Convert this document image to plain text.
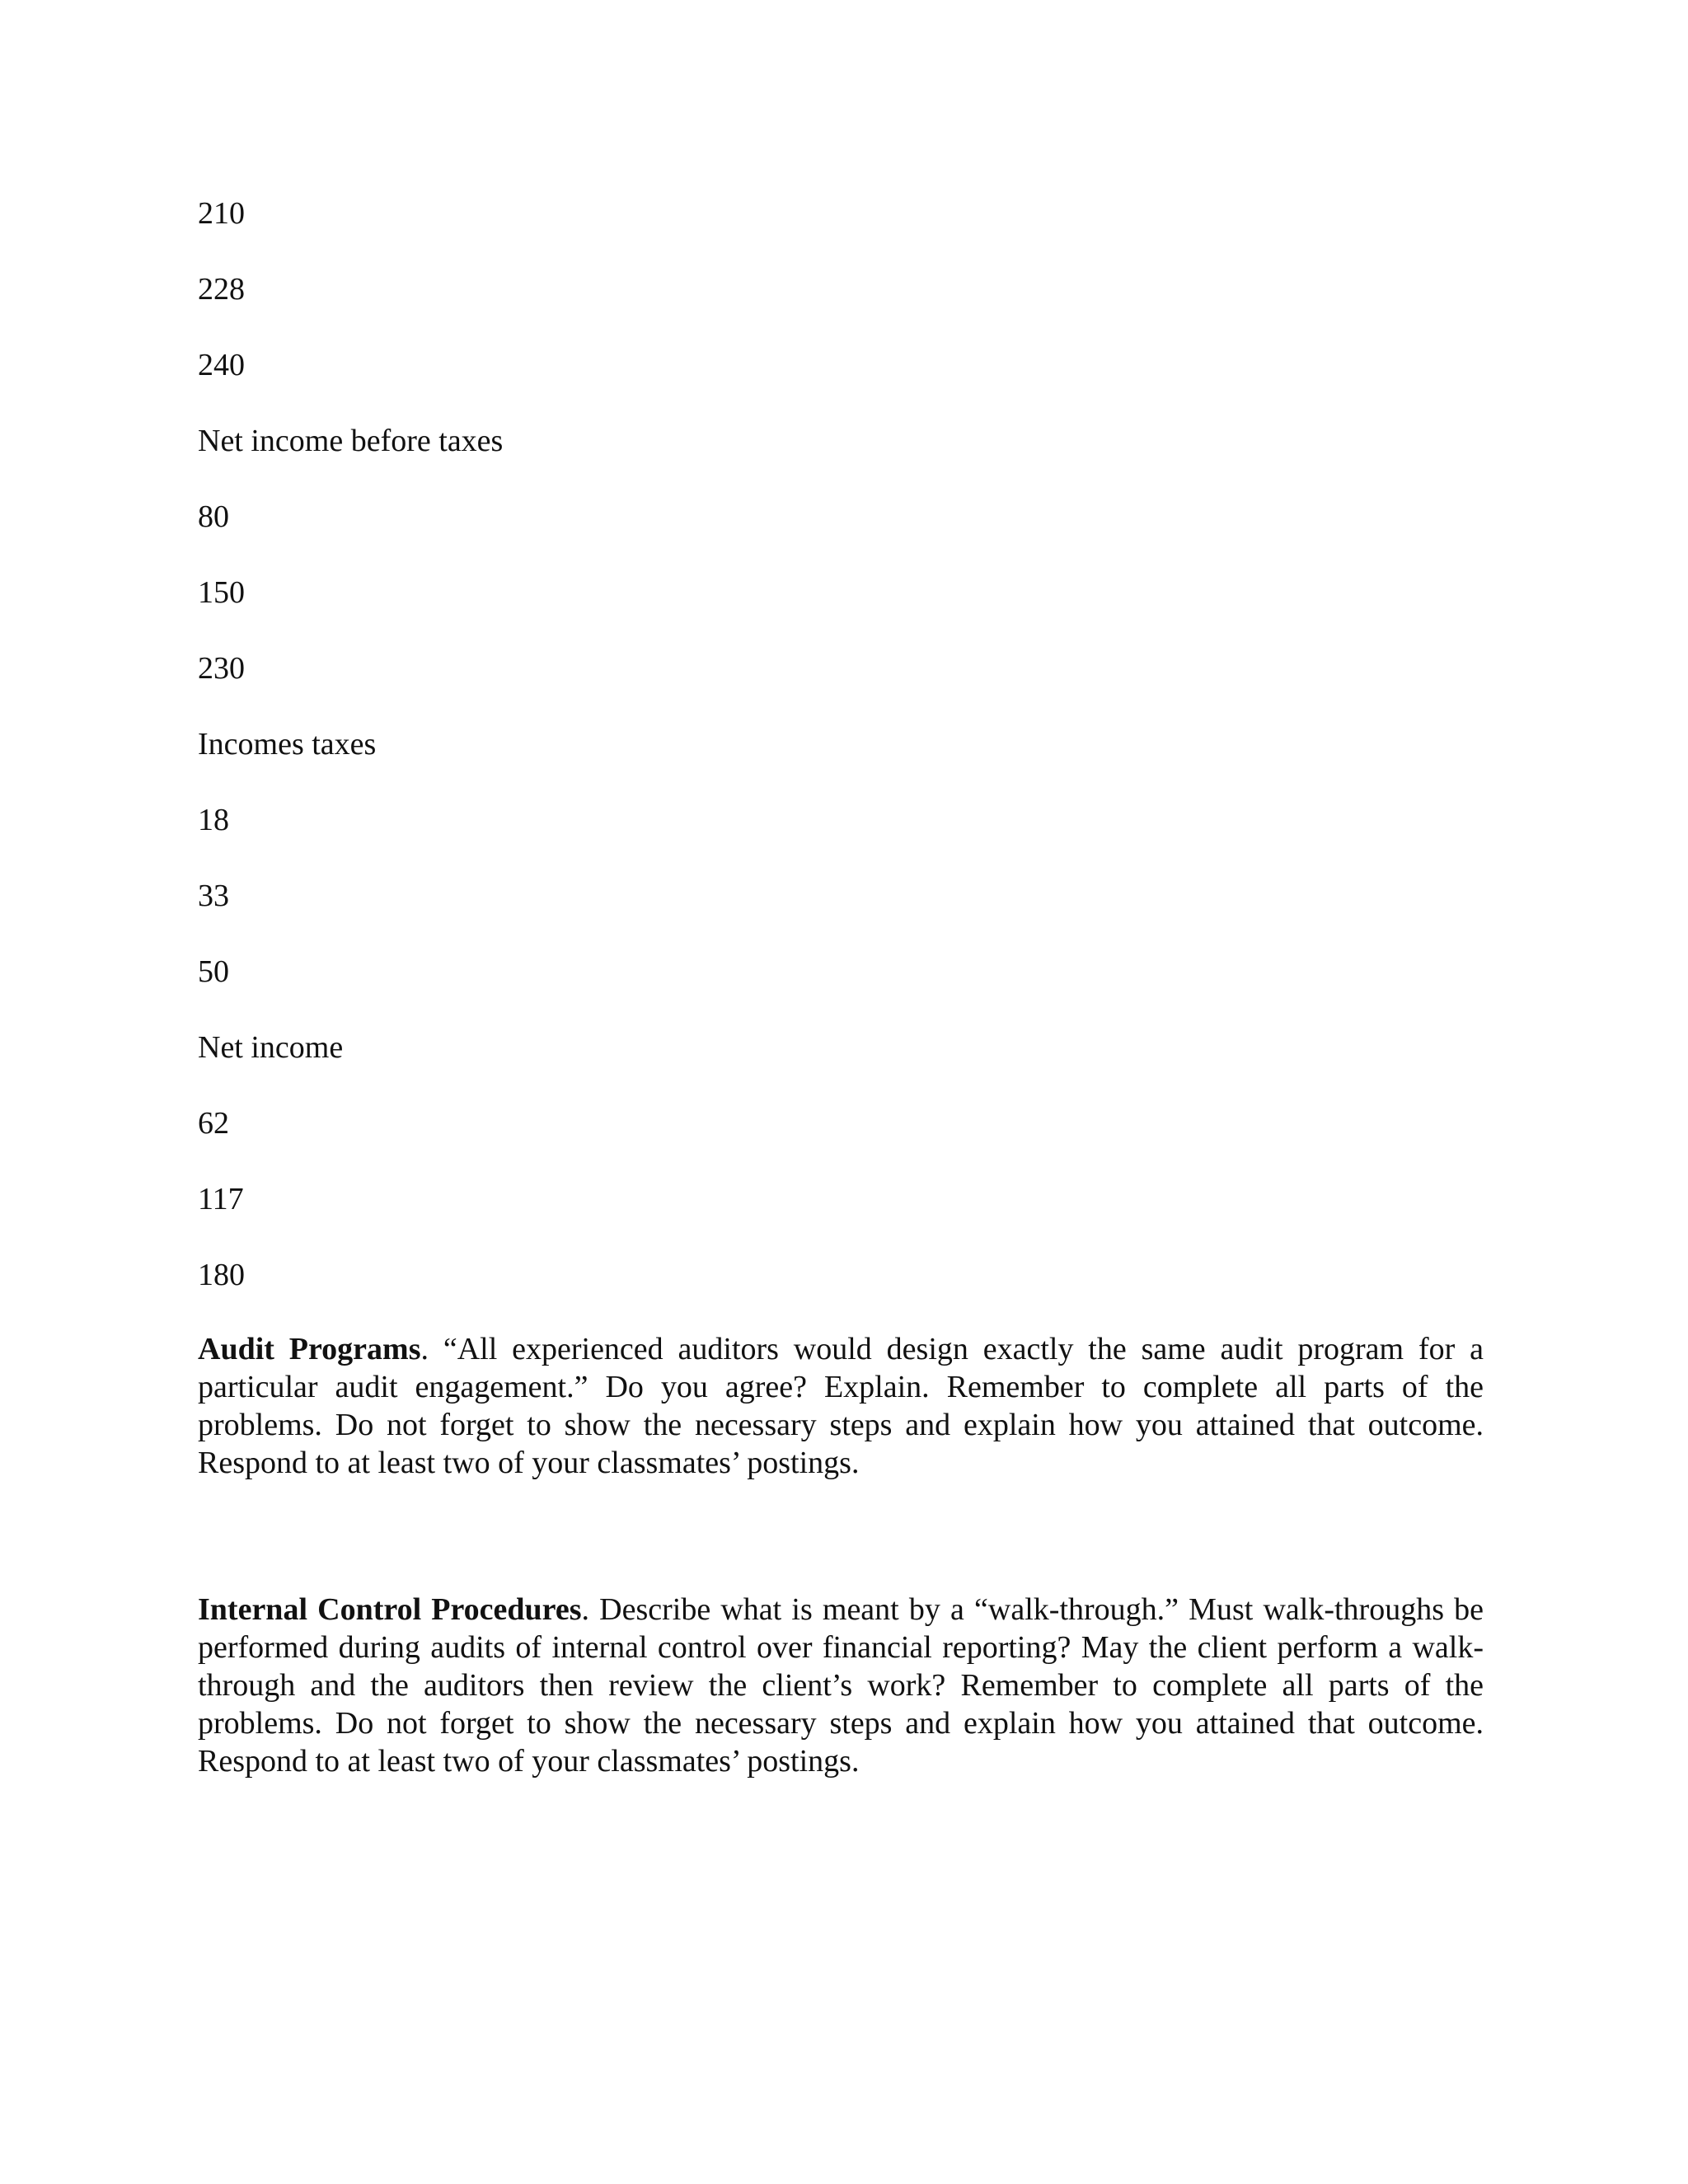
210
228
240
Net income before taxes
80
150
230
Incomes taxes
18
33
50
Net income
62
117
180

Audit Programs. “All experienced auditors would design exactly the same audit program for a particular audit engagement.” Do you agree? Explain. Remember to complete all parts of the problems. Do not forget to show the necessary steps and explain how you attained that outcome. Respond to at least two of your classmates’ postings.

Internal Control Procedures. Describe what is meant by a “walk-through.” Must walk-throughs be performed during audits of internal control over financial reporting? May the client perform a walk-through and the auditors then review the client’s work? Remember to complete all parts of the problems. Do not forget to show the necessary steps and explain how you attained that outcome. Respond to at least two of your classmates’ postings.
